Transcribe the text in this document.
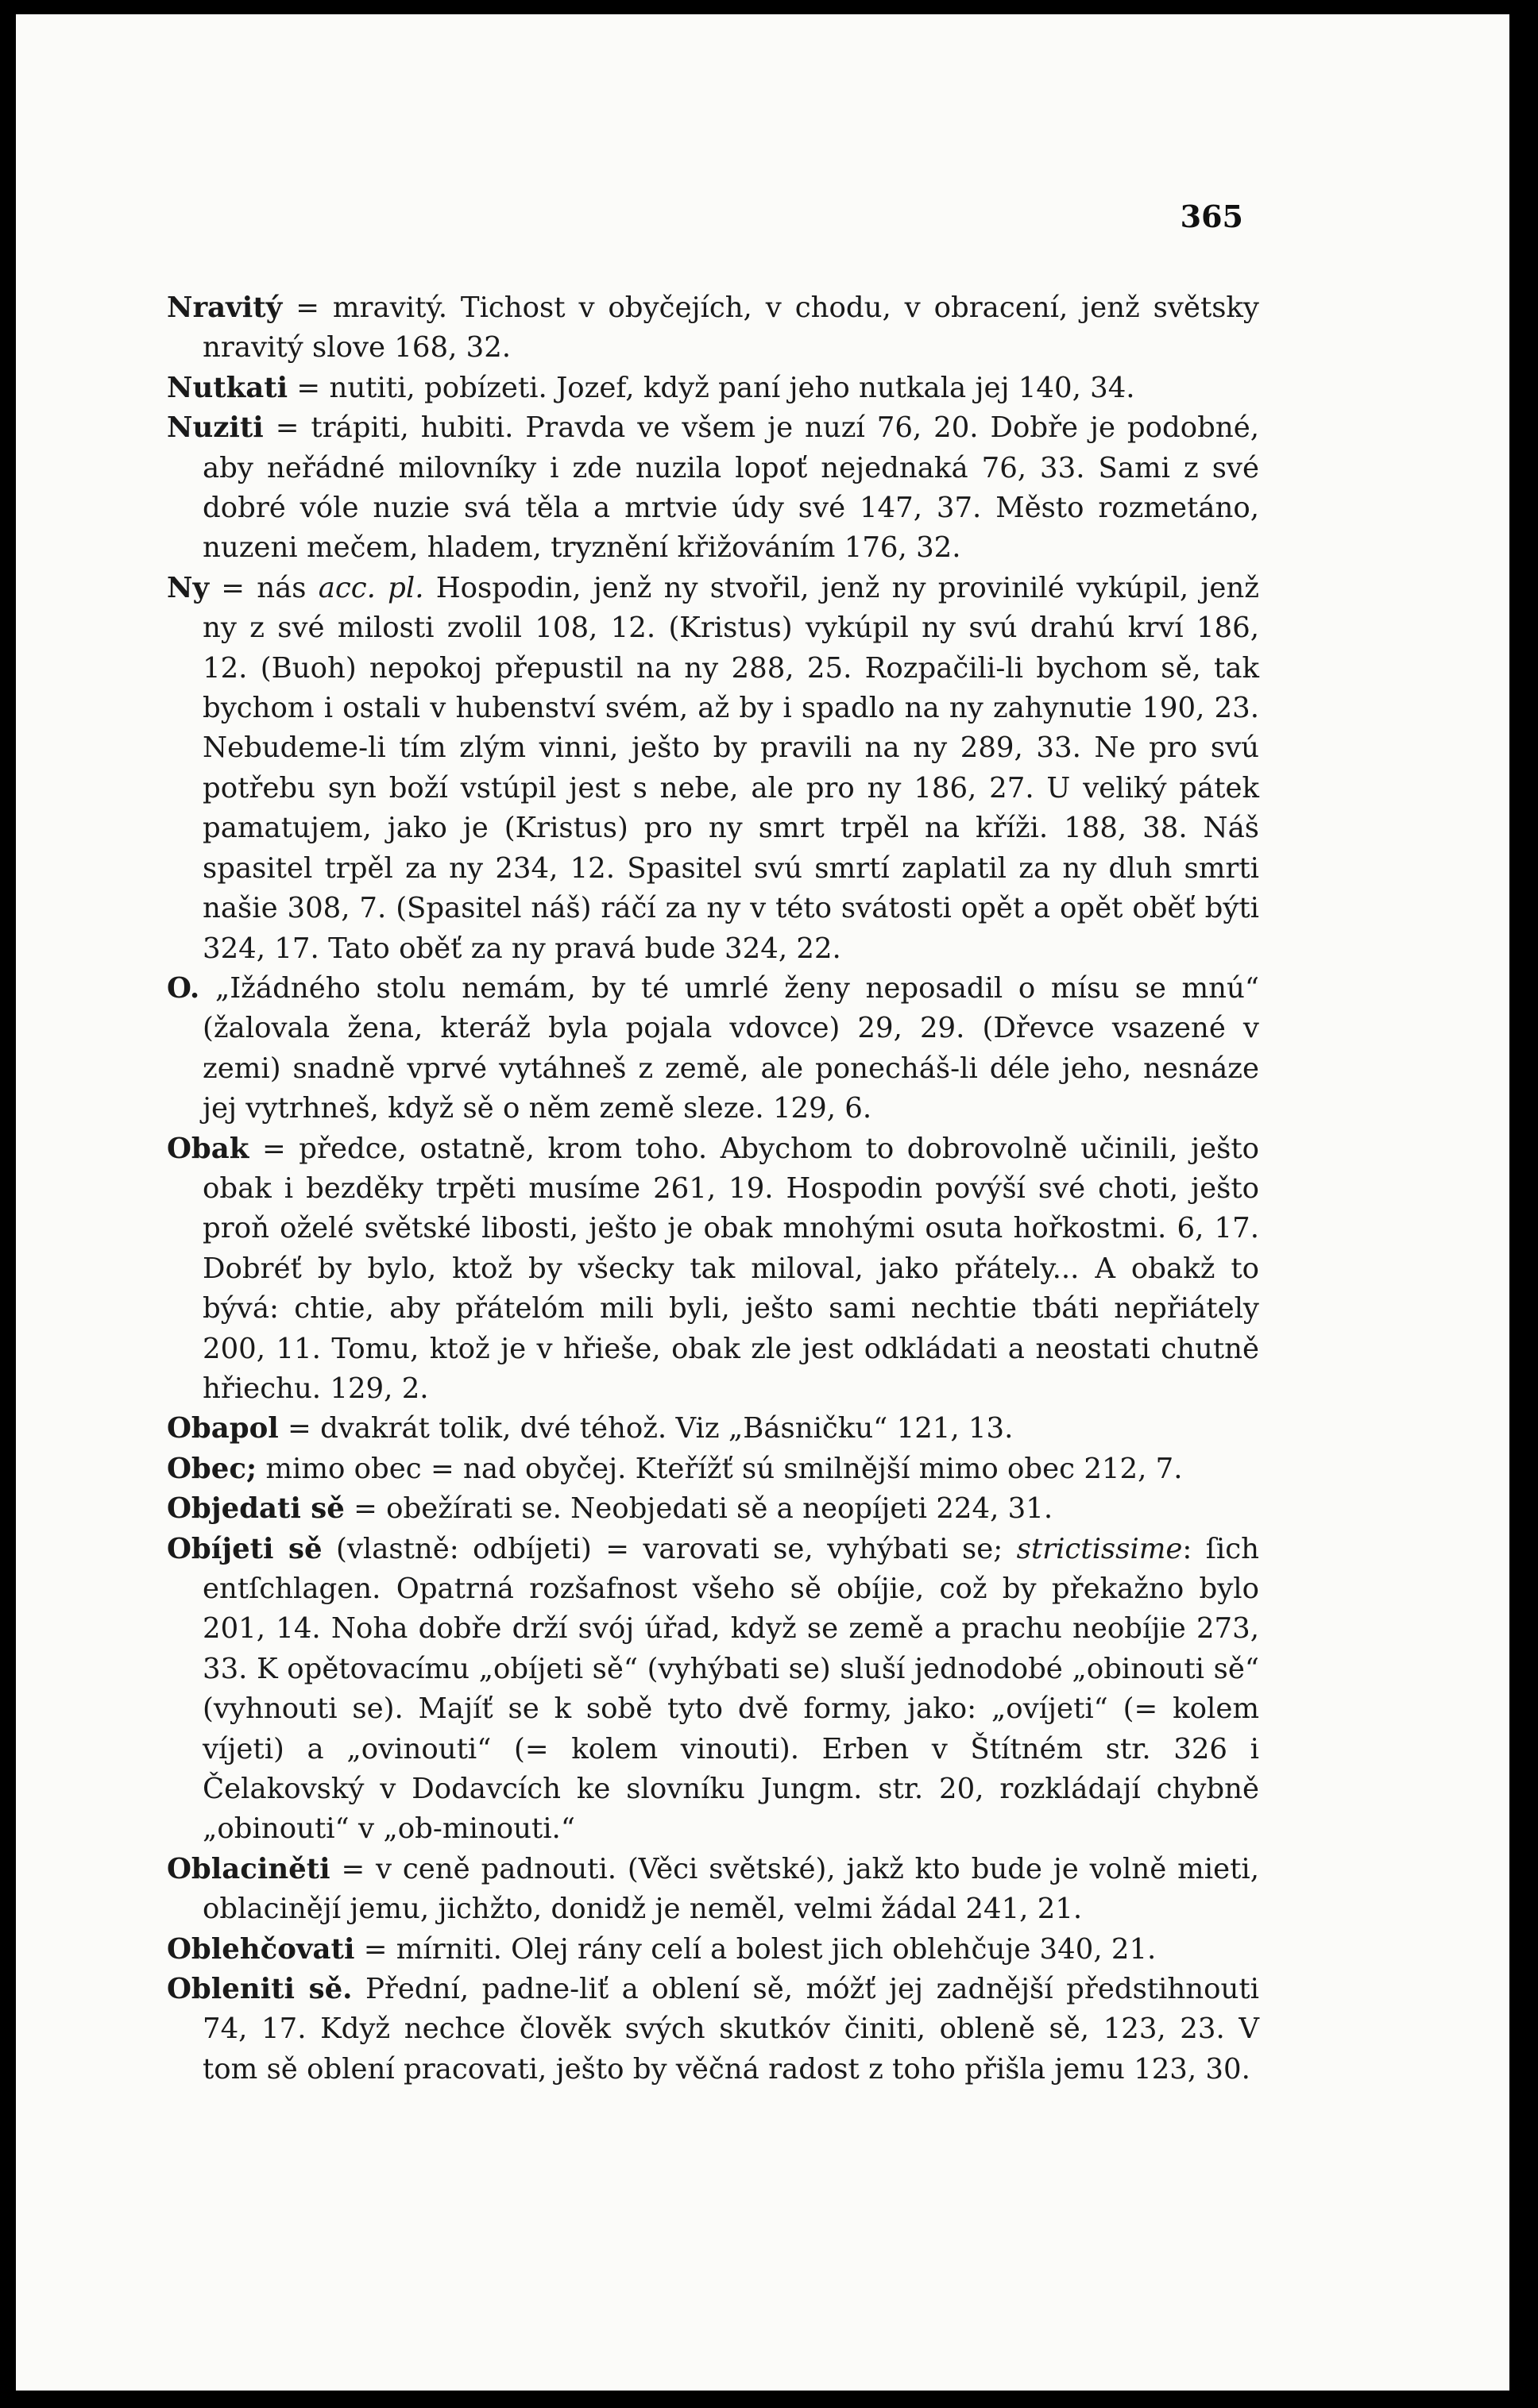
365

Nravitý = mravitý. Tichost v obyčejích, v chodu, v obracení, jenž světsky nravitý slove 168, 32.

Nutkati = nutiti, pobízeti. Jozef, když paní jeho nutkala jej 140, 34.

Nuziti = trápiti, hubiti. Pravda ve všem je nuzí 76, 20. Dobře je podobné, aby neřádné milovníky i zde nuzila lopoť nejednaká 76, 33. Sami z své dobré vóle nuzie svá těla a mrtvie údy své 147, 37. Město rozmetáno, nuzeni mečem, hladem, tryznění křižováním 176, 32.

Ny = nás acc. pl. Hospodin, jenž ny stvořil, jenž ny provinilé vykúpil, jenž ny z své milosti zvolil 108, 12. (Kristus) vykúpil ny svú drahú krví 186, 12. (Buoh) nepokoj přepustil na ny 288, 25. Rozpačili-li bychom sě, tak bychom i ostali v hubenství svém, až by i spadlo na ny zahynutie 190, 23. Nebudeme-li tím zlým vinni, ješto by pravili na ny 289, 33. Ne pro svú potřebu syn boží vstúpil jest s nebe, ale pro ny 186, 27. U veliký pátek pamatujem, jako je (Kristus) pro ny smrt trpěl na kříži. 188, 38. Náš spasitel trpěl za ny 234, 12. Spasitel svú smrtí zaplatil za ny dluh smrti našie 308, 7. (Spasitel náš) ráčí za ny v této svátosti opět a opět oběť býti 324, 17. Tato oběť za ny pravá bude 324, 22.

O. „Ižádného stolu nemám, by té umrlé ženy neposadil o mísu se mnú“ (žalovala žena, kteráž byla pojala vdovce) 29, 29. (Dřevce vsazené v zemi) snadně vprvé vytáhneš z země, ale ponecháš-li déle jeho, nesnáze jej vytrhneš, když sě o něm země sleze. 129, 6.

Obak = předce, ostatně, krom toho. Abychom to dobrovolně učinili, ješto obak i bezděky trpěti musíme 261, 19. Hospodin povýší své choti, ješto proň oželé světské libosti, ješto je obak mnohými osuta hořkostmi. 6, 17. Dobréť by bylo, ktož by všecky tak miloval, jako přátely... A obakž to bývá: chtie, aby přátelóm mili byli, ješto sami nechtie tbáti nepřiátely 200, 11. Tomu, ktož je v hřieše, obak zle jest odkládati a neostati chutně hřiechu. 129, 2.

Obapol = dvakrát tolik, dvé téhož. Viz „Básničku“ 121, 13.

Obec; mimo obec = nad obyčej. Kteřížť sú smilnější mimo obec 212, 7.

Objedati sě = obežírati se. Neobjedati sě a neopíjeti 224, 31.

Obíjeti sě (vlastně: odbíjeti) = varovati se, vyhýbati se; strictissime: ſich entſchlagen. Opatrná rozšafnost všeho sě obíjie, což by překažno bylo 201, 14. Noha dobře drží svój úřad, když se země a prachu neobíjie 273, 33. K opětovacímu „obíjeti sě“ (vyhýbati se) sluší jednodobé „obinouti sě“ (vyhnouti se). Majíť se k sobě tyto dvě formy, jako: „ovíjeti“ (= kolem víjeti) a „ovinouti“ (= kolem vinouti). Erben v Štítném str. 326 i Čelakovský v Dodavcích ke slovníku Jungm. str. 20, rozkládají chybně „obinouti“ v „ob-minouti.“

Oblaciněti = v ceně padnouti. (Věci světské), jakž kto bude je volně mieti, oblacinějí jemu, jichžto, donidž je neměl, velmi žádal 241, 21.

Oblehčovati = mírniti. Olej rány celí a bolest jich oblehčuje 340, 21.

Obleniti sě. Přední, padne-liť a oblení sě, móžť jej zadnější předstihnouti 74, 17. Když nechce člověk svých skutkóv činiti, obleně sě, 123, 23. V tom sě oblení pracovati, ješto by věčná radost z toho přišla jemu 123, 30.
